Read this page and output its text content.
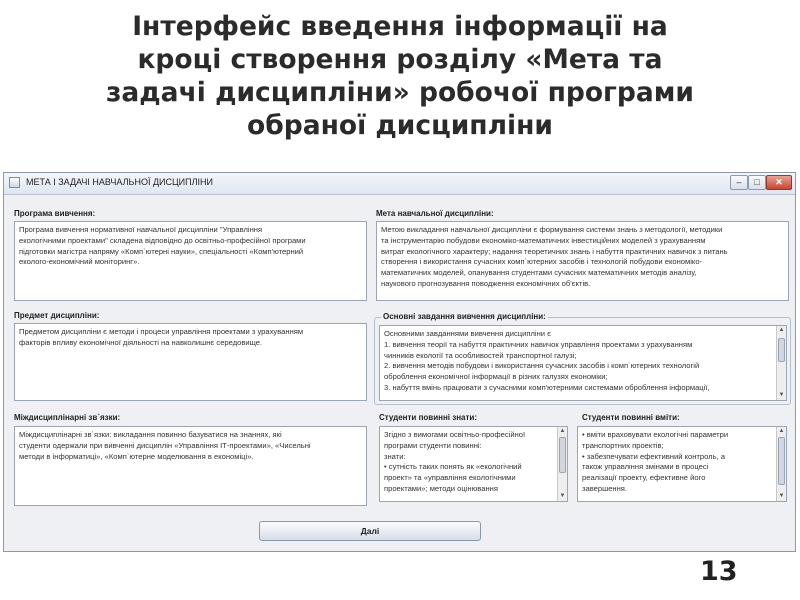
Інтерфейс введення інформації на
кроці створення розділу «Мета та
задачі дисципліни» робочої програми
обраної дисципліни
МЕТА І ЗАДАЧІ НАВЧАЛЬНОЇ ДИСЦИПЛІНИ	–	□	✕
Програма вивчення:
Програма вивчення нормативної навчальної дисципліни "Управління
екологічними проектами" складена відповідно до освітньо-професійної програми
підготовки магістра напряму «Комп`ютерні науки», спеціальності «Комп'ютерний
еколого-економічний моніторинг».
Мета навчальної дисципліни:
Метою викладання навчальної дисципліни є формування системи знань з методології, методики
та інструментарію побудови економіко-математичних інвестиційних моделей з урахуванням
витрат екологічного характеру; надання теоретичних знань і набуття практичних навичок з питань
створення і використання сучасних комп`ютерних засобів і технологій побудови економіко-
математичних моделей, опанування студентами сучасних математичних методів аналізу,
наукового прогнозування поводження економічних об'єктів.
Предмет дисципліни:
Предметом дисципліни є методи і процеси управління проектами з урахуванням
факторів впливу економічної діяльності на навколишнє середовище.
Основні завдання вивчення дисципліни:
Основними завданнями вивчення дисципліни є
1. вивчення теорії та набуття практичних навичок управління проектами з урахуванням
чинників екології та особливостей транспортної галузі;
2. вивчення методів побудови і використання сучасних засобів і комп`ютерних технологій
оброблення економічної інформації в різних галузях економіки;
3. набуття вмінь працювати з сучасними комп'ютерними системами оброблення інформації,
▲
▼
Міждисциплінарні зв`язки:
Міждисциплінарні зв`язки: викладання повинно базуватися на знаннях, які
студенти одержали при вивченні дисциплін «Управління ІТ-проектами», «Чисельні
методи в інформатиці», «Комп`ютерне моделювання в економіці».
Студенти повинні знати:
Згідно з вимогами освітньо-професійної
програми студенти повинні:
знати:
• сутність таких понять як «екологічний
проект» та «управління екологічними
проектами»; методи оцінювання
▲
▼
Студенти повинні вміти:
• вміти враховувати екологічні параметри
транспортних проектів;
• забезпечувати ефективний контроль, а
також управління змінами в процесі
реалізації проекту, ефективне його
завершення.
▲
▼
Далі
13
